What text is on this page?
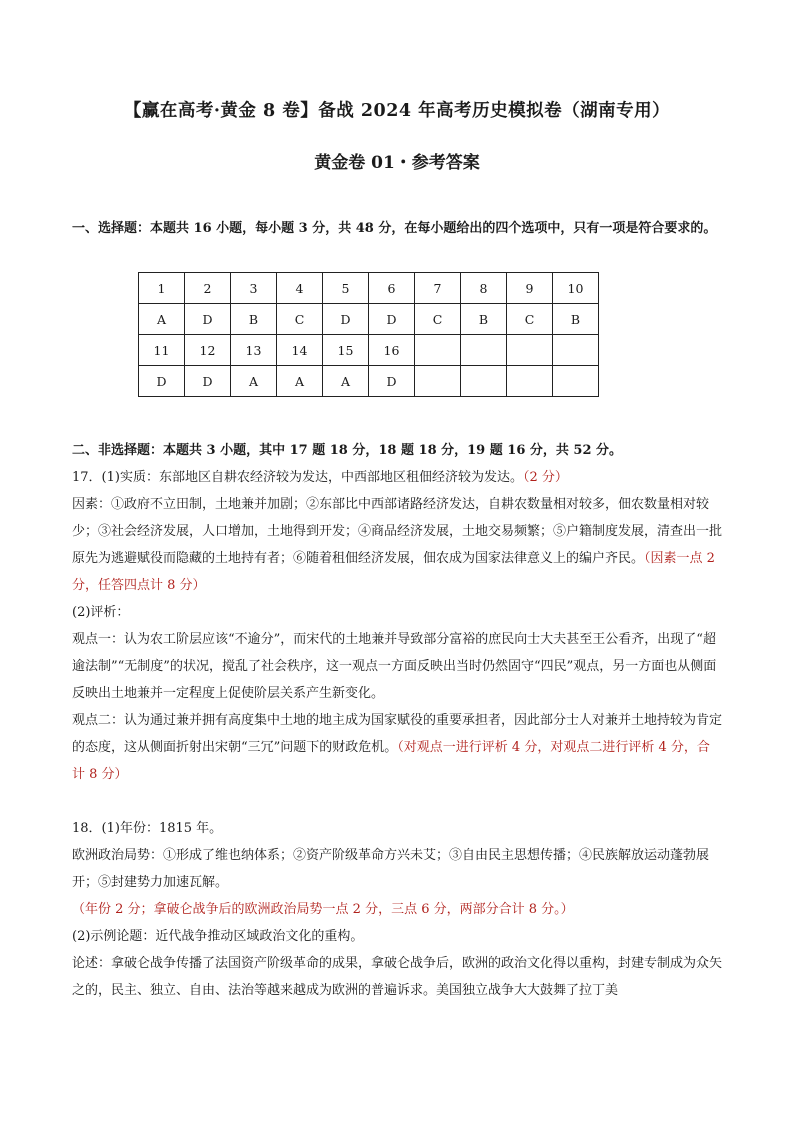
【赢在高考·黄金 8 卷】备战 2024 年高考历史模拟卷（湖南专用）
黄金卷 01・参考答案
一、选择题：本题共 16 小题，每小题 3 分，共 48 分，在每小题给出的四个选项中，只有一项是符合要求的。
1	2	3	4	5	6	7	8	9	10
A	D	B	C	D	D	C	B	C	B
11	12	13	14	15	16				
D	D	A	A	A	D				

二、非选择题：本题共 3 小题，其中 17 题 18 分，18 题 18 分，19 题 16 分，共 52 分。

17．(1)实质：东部地区自耕农经济较为发达，中西部地区租佃经济较为发达。（2 分）

因素：①政府不立田制，土地兼并加剧；②东部比中西部诸路经济发达，自耕农数量相对较多，佃农数量相对较少；③社会经济发展，人口增加，土地得到开发；④商品经济发展，土地交易频繁；⑤户籍制度发展，清查出一批原先为逃避赋役而隐藏的土地持有者；⑥随着租佃经济发展，佃农成为国家法律意义上的编户齐民。（因素一点 2 分，任答四点计 8 分）

(2)评析：

观点一：认为农工阶层应该“不逾分”，而宋代的土地兼并导致部分富裕的庶民向士大夫甚至王公看齐，出现了“超逾法制”“无制度”的状况，搅乱了社会秩序，这一观点一方面反映出当时仍然固守“四民”观点，另一方面也从侧面反映出土地兼并一定程度上促使阶层关系产生新变化。

观点二：认为通过兼并拥有高度集中土地的地主成为国家赋役的重要承担者，因此部分士人对兼并土地持较为肯定的态度，这从侧面折射出宋朝“三冗”问题下的财政危机。（对观点一进行评析 4 分，对观点二进行评析 4 分，合计 8 分）

18．(1)年份：1815 年。

欧洲政治局势：①形成了维也纳体系；②资产阶级革命方兴未艾；③自由民主思想传播；④民族解放运动蓬勃展开；⑤封建势力加速瓦解。（年份 2 分；拿破仑战争后的欧洲政治局势一点 2 分，三点 6 分，两部分合计 8 分。）

(2)示例论题：近代战争推动区域政治文化的重构。

论述：拿破仑战争传播了法国资产阶级革命的成果，拿破仑战争后，欧洲的政治文化得以重构，封建专制成为众矢之的，民主、独立、自由、法治等越来越成为欧洲的普遍诉求。美国独立战争大大鼓舞了拉丁美
